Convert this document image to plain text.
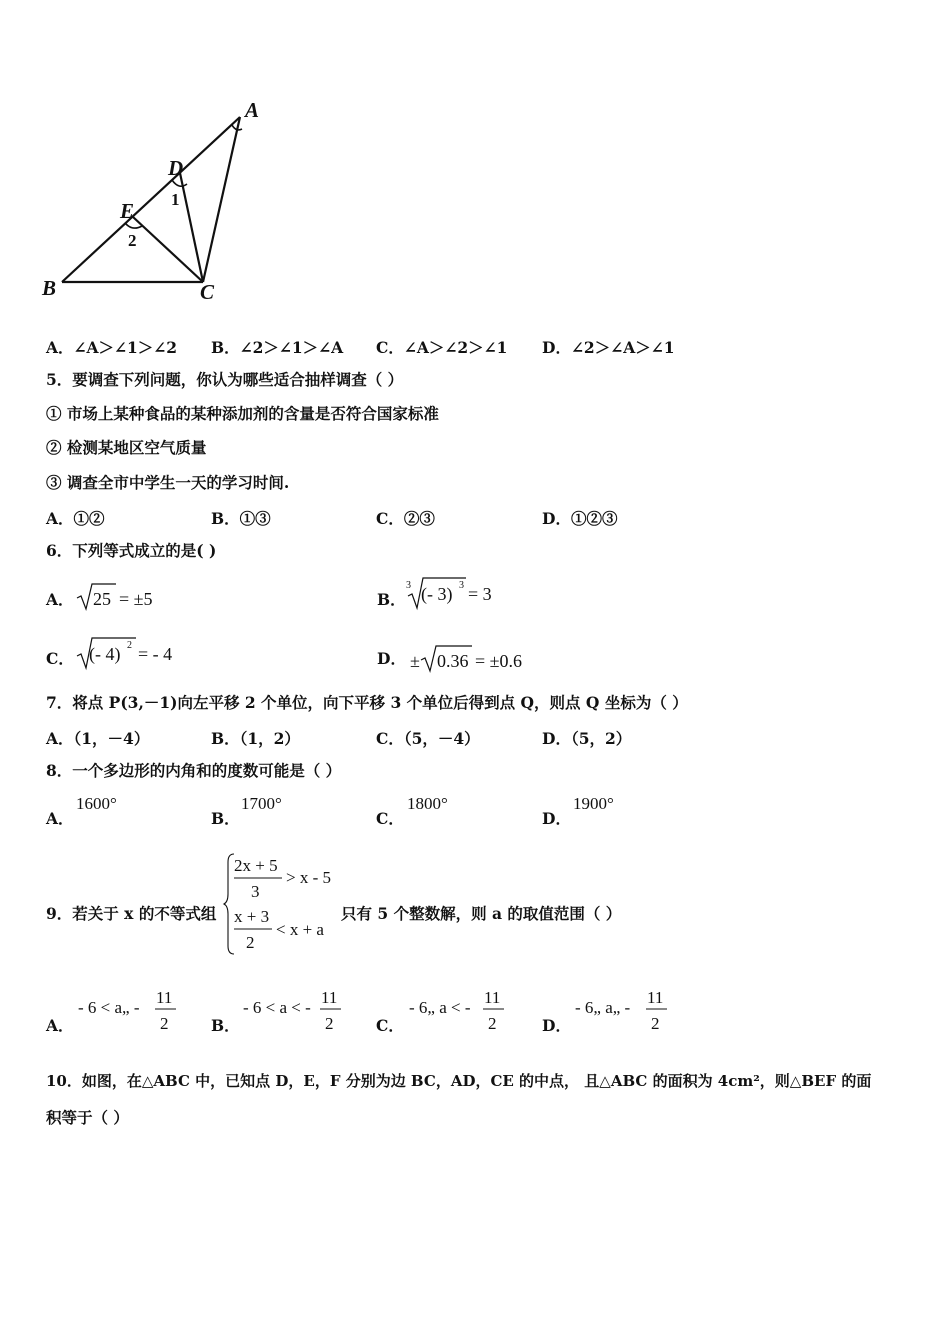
A
B	C
D
E 1
2
A．∠A＞∠1＞∠2 B．∠2＞∠1＞∠A C．∠A＞∠2＞∠1 D．∠2＞∠A＞∠1
5．要调查下列问题，你认为哪些适合抽样调查（ ）
① 市场上某种食品的某种添加剂的含量是否符合国家标准
② 检测某地区空气质量
③ 调查全市中学生一天的学习时间.
A．①②	B．①③	C．②③	D．①②③
6．下列等式成立的是( )
A． 25 = ±5	B．
3 (- 3) 3 = 3
C． (- 4) 2 = - 4	D． ± 0.36 = ±0.6
7．将点 P(3,－1)向左平移 2 个单位，向下平移 3 个单位后得到点 Q，则点 Q 坐标为（ ）
A．（1，－4）	B．（1，2）	C．（5，－4）	D．（5，2）
8．一个多边形的内角和的度数可能是（ ）
A．
1600°
B．
1700°
C．
1800°
D．
1900°
9．若关于 x 的不等式组
2x + 5
3
> x - 5
x + 3
2
< x + a
只有 5 个整数解，则 a 的取值范围（ ）
A．
- 6 < a„ -
11
2	B．
- 6 < a < -
11
2	C．
- 6„ a < -
11
2	D．
- 6„ a„ -
11
2
10．如图，在△ABC 中，已知点 D，E，F 分别为边 BC，AD，CE 的中点， 且△ABC 的面积为 4cm²，则△BEF 的面
积等于（ ）
